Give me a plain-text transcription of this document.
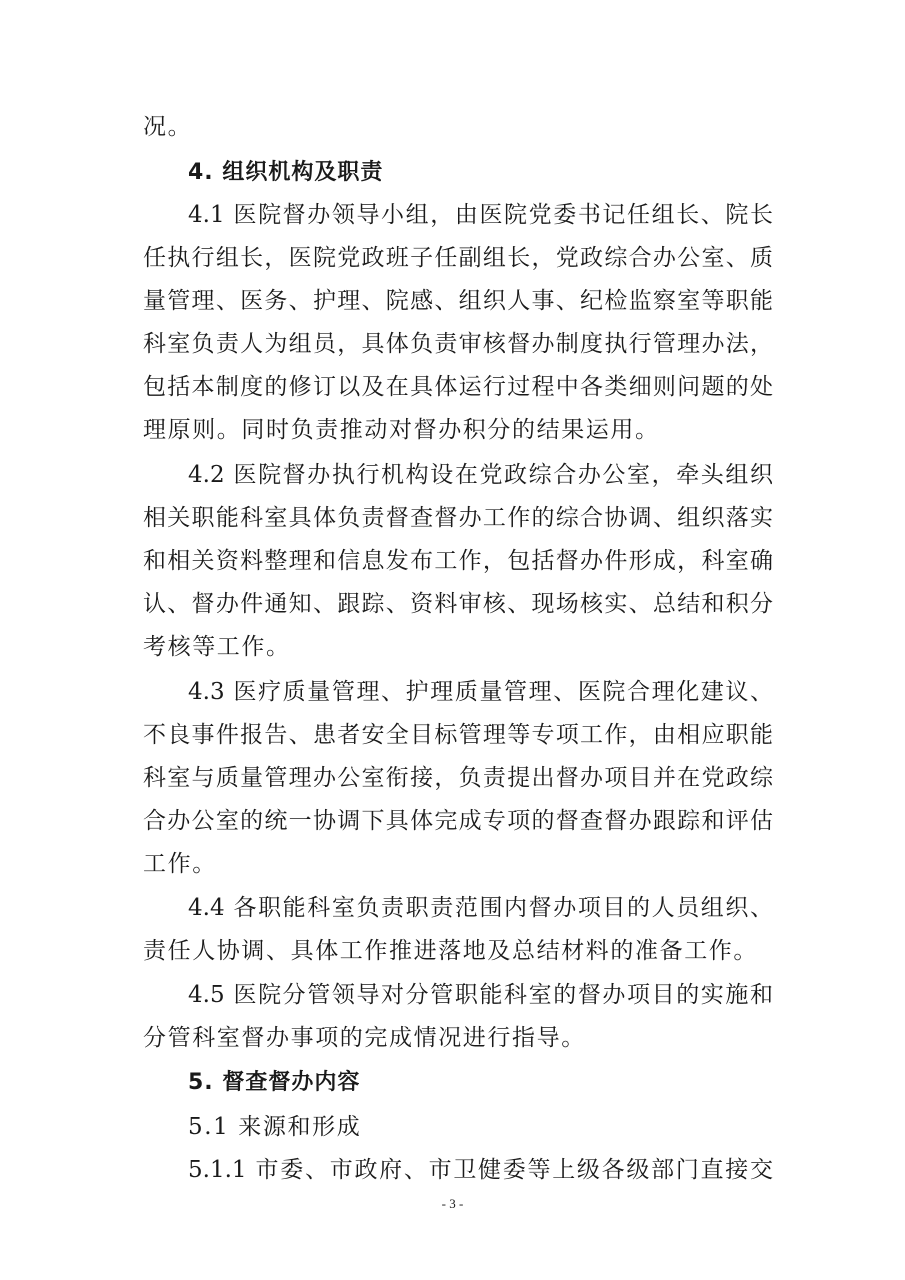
况。
4. 组织机构及职责
4.1 医院督办领导小组，由医院党委书记任组长、院长
任执行组长，医院党政班子任副组长，党政综合办公室、质
量管理、医务、护理、院感、组织人事、纪检监察室等职能
科室负责人为组员，具体负责审核督办制度执行管理办法，
包括本制度的修订以及在具体运行过程中各类细则问题的处
理原则。同时负责推动对督办积分的结果运用。
4.2 医院督办执行机构设在党政综合办公室，牵头组织
相关职能科室具体负责督查督办工作的综合协调、组织落实
和相关资料整理和信息发布工作，包括督办件形成，科室确
认、督办件通知、跟踪、资料审核、现场核实、总结和积分
考核等工作。
4.3 医疗质量管理、护理质量管理、医院合理化建议、
不良事件报告、患者安全目标管理等专项工作，由相应职能
科室与质量管理办公室衔接，负责提出督办项目并在党政综
合办公室的统一协调下具体完成专项的督查督办跟踪和评估
工作。
4.4 各职能科室负责职责范围内督办项目的人员组织、
责任人协调、具体工作推进落地及总结材料的准备工作。
4.5 医院分管领导对分管职能科室的督办项目的实施和
分管科室督办事项的完成情况进行指导。
5. 督查督办内容
5.1 来源和形成
5.1.1 市委、市政府、市卫健委等上级各级部门直接交
- 3 -
